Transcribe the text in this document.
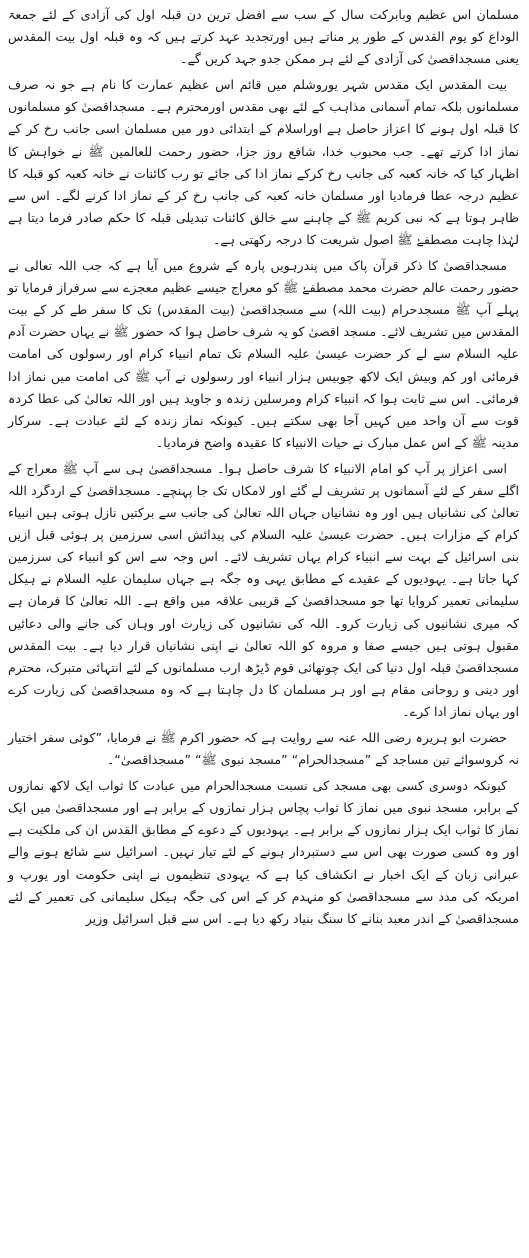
مسلمان اس عظیم وبابرکت سال کے سب سے افضل ترین دن قبلہ اول کی آزادی کے لئے جمعۃ الوداع کو یوم القدس کے طور پر مناتے ہیں اورتجدید عہد کرتے ہیں کہ وہ قبلہ اول بیت المقدس یعنی مسجداقصیٰ کی آزادی کے لئے ہر ممکن جدو جہد کریں گے۔

بیت المقدس ایک مقدس شہر یوروشلم میں قائم اس عظیم عمارت کا نام ہے جو نہ صرف مسلمانوں بلکہ تمام آسمانی مذاہب کے لئے بھی مقدس اورمحترم ہے۔ مسجداقصیٰ کو مسلمانوں کا قبلہ اول ہونے کا اعزاز حاصل ہے اوراسلام کے ابتدائی دور میں مسلمان اسی جانب رخ کر کے نماز ادا کرتے تھے۔ جب محبوب خدا، شافع روز جزا، حضور رحمت للعالمین ﷺ نے خواہش کا اظہار کیا کہ خانہ کعبہ کی جانب رخ کرکے نماز ادا کی جائے تو رب کائنات نے خانہ کعبہ کو قبلہ کا عظیم درجہ عطا فرمادیا اور مسلمان خانہ کعبہ کی جانب رخ کر کے نماز ادا کرنے لگے۔ اس سے ظاہر ہوتا ہے کہ نبی کریم ﷺ کے چاہنے سے خالق کائنات تبدیلی قبلہ کا حکم صادر فرما دیتا ہے لہٰذا چاہت مصطفےٰ ﷺ اصول شریعت کا درجہ رکھتی ہے۔

مسجداقصیٰ کا ذکر قرآن پاک میں پندرہویں پارہ کے شروع میں آیا ہے کہ جب اللہ تعالی نے حضور رحمت عالم حضرت محمد مصطفےٰ ﷺ کو معراج جیسے عظیم معجزے سے سرفراز فرمایا تو پہلے آپ ﷺ مسجدحرام (بیت اللہ) سے مسجداقصیٰ (بیت المقدس) تک کا سفر طے کر کے بیت المقدس میں تشریف لائے۔ مسجد اقصیٰ کو یہ شرف حاصل ہوا کہ حضور ﷺ نے یہاں حضرت آدم علیہ السلام سے لے کر حضرت عیسیٰ علیہ السلام تک تمام انبیاء کرام اور رسولوں کی امامت فرمائی اور کم وبیش ایک لاکھ چوبیس ہزار انبیاء اور رسولوں نے آپ ﷺ کی امامت میں نماز ادا فرمائی۔ اس سے ثابت ہوا کہ انبیاء کرام ومرسلین زندہ و جاوید ہیں اور اللہ تعالیٰ کی عطا کردہ قوت سے آن واحد میں کہیں آجا بھی سکتے ہیں۔ کیونکہ نماز زندہ کے لئے عبادت ہے۔ سرکار مدینہ ﷺ کے اس عمل مبارک نے حیات الانبیاء کا عقیدہ واضح فرمادیا۔

اسی اعزاز پر آپ کو امام الانبیاء کا شرف حاصل ہوا۔ مسجداقصیٰ ہی سے آپ ﷺ معراج کے اگلے سفر کے لئے آسمانوں پر تشریف لے گئے اور لامکاں تک جا پہنچے۔ مسجداقصیٰ کے اردگرد اللہ تعالیٰ کی نشانیاں ہیں اور وہ نشانیاں جہاں اللہ تعالیٰ کی جانب سے برکتیں نازل ہوتی ہیں انبیاء کرام کے مزارات ہیں۔ حضرت عیسیٰ علیہ السلام کی پیدائش اسی سرزمین پر ہوئی قبل ازیں بنی اسرائیل کے بہت سے انبیاء کرام یہاں تشریف لائے۔ اس وجہ سے اس کو انبیاء کی سرزمین کہا جاتا ہے۔ یہودیوں کے عقیدے کے مطابق یہی وہ جگہ ہے جہاں سلیمان علیہ السلام نے ہیکل سلیمانی تعمیر کروایا تھا جو مسجداقصیٰ کے قریبی علاقہ میں واقع ہے۔ اللہ تعالیٰ کا فرمان ہے کہ میری نشانیوں کی زیارت کرو۔ اللہ کی نشانیوں کی زیارت اور وہاں کی جانے والی دعائیں مقبول ہوتی ہیں جیسے صفا و مروہ کو اللہ تعالیٰ نے اپنی نشانیاں قرار دیا ہے۔ بیت المقدس مسجداقصیٰ قبلہ اول دنیا کی ایک چوتھائی قوم ڈیڑھ ارب مسلمانوں کے لئے انتہائی متبرک، محترم اور دینی و روحانی مقام ہے اور ہر مسلمان کا دل چاہتا ہے کہ وہ مسجداقصیٰ کی زیارت کرے اور یہاں نماز ادا کرے۔

حضرت ابو ہریرہ رضی اللہ عنہ سے روایت ہے کہ حضور اکرم ﷺ نے فرمایا، ”کوئی سفر اختیار نہ کروسوائے تین مساجد کے ”مسجدالحرام“ ”مسجد نبوی ﷺ“ ”مسجداقصیٰ“۔

کیونکہ دوسری کسی بھی مسجد کی نسبت مسجدالحرام میں عبادت کا ثواب ایک لاکھ نمازوں کے برابر، مسجد نبوی میں نماز کا ثواب پچاس ہزار نمازوں کے برابر ہے اور مسجداقصیٰ میں ایک نماز کا ثواب ایک ہزار نمازوں کے برابر ہے۔ یہودیوں کے دعوے کے مطابق القدس ان کی ملکیت ہے اور وہ کسی صورت بھی اس سے دستبردار ہونے کے لئے تیار نہیں۔ اسرائیل سے شائع ہونے والے عبرانی زبان کے ایک اخبار نے انکشاف کیا ہے کہ یہودی تنظیموں نے اپنی حکومت اور یورپ و امریکہ کی مدد سے مسجداقصیٰ کو منہدم کر کے اس کی جگہ ہیکل سلیمانی کی تعمیر کے لئے مسجداقصیٰ کے اندر معبد بنانے کا سنگ بنیاد رکھ دیا ہے۔ اس سے قبل اسرائیل وزیر
